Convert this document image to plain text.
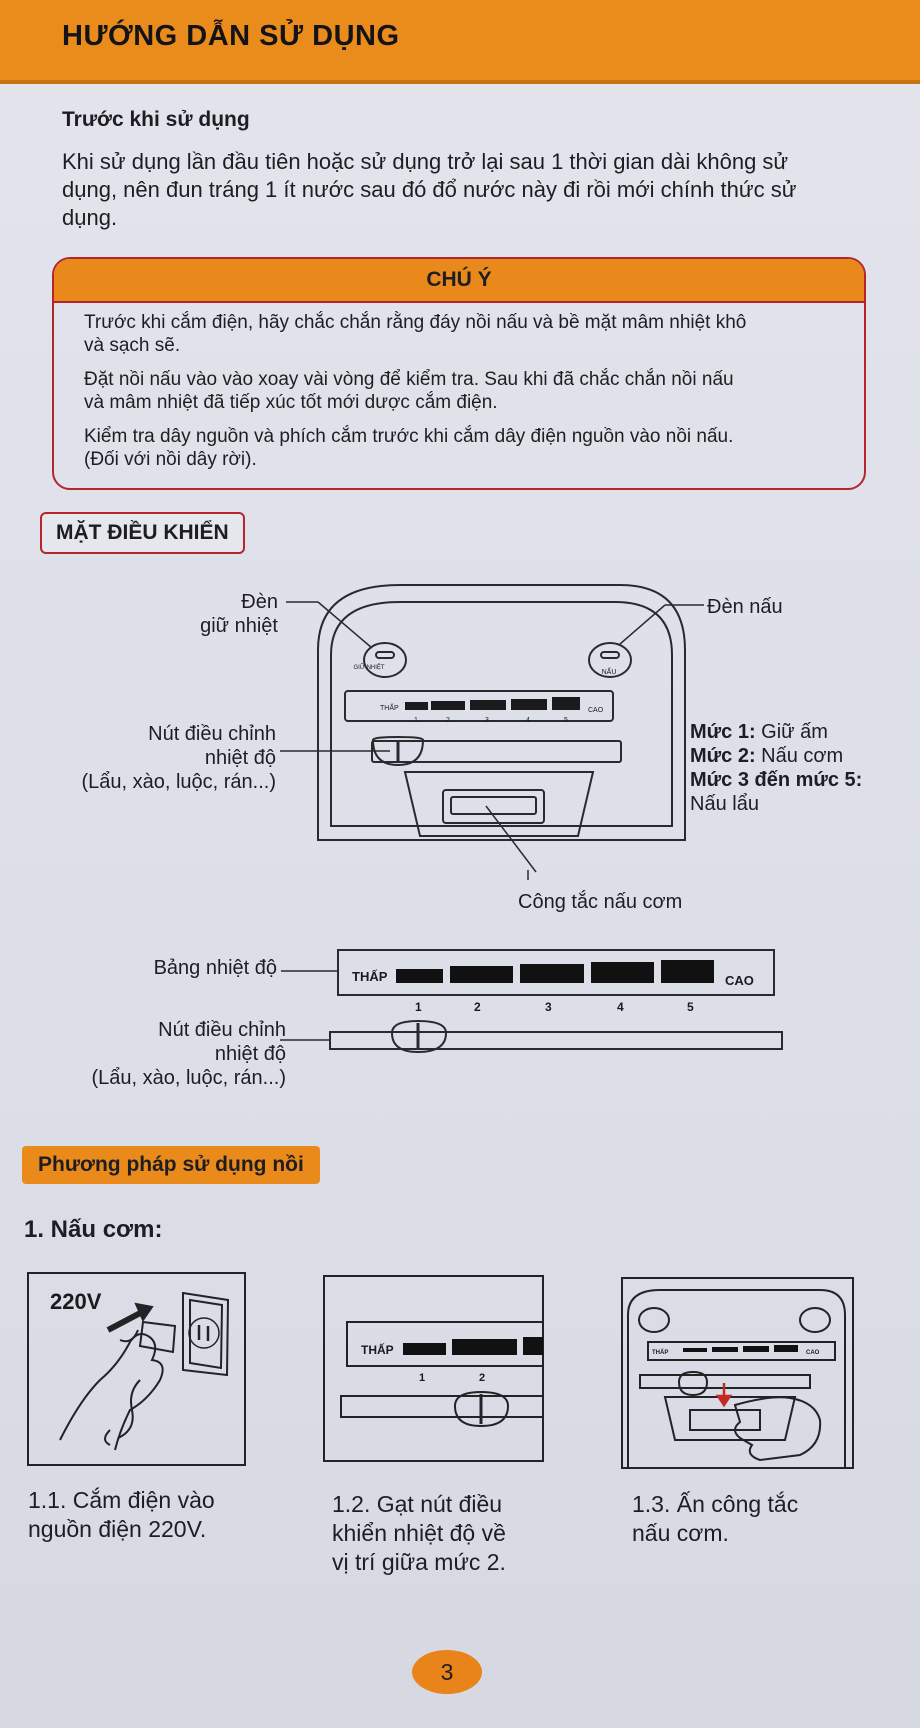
HƯỚNG DẪN SỬ DỤNG
Trước khi sử dụng
Khi sử dụng lần đầu tiên hoặc sử dụng trở lại sau 1 thời gian dài không sử
dụng, nên đun tráng 1 ít nước sau đó đổ nước này đi rồi mới chính thức sử
dụng.
CHÚ Ý

Trước khi cắm điện, hãy chắc chắn rằng đáy nồi nấu và bề mặt mâm nhiệt khô
và sạch sẽ.

Đặt nồi nấu vào vào xoay vài vòng để kiểm tra. Sau khi đã chắc chắn nồi nấu
và mâm nhiệt đã tiếp xúc tốt mới dược cắm điện.

Kiểm tra dây nguồn và phích cắm trước khi cắm dây điện nguồn vào nồi nấu.
(Đối với nồi dây rời).

MẶT ĐIỀU KHIỂN
GIỮ NHIỆT
NẤU
THẤP	CAO
1	2	3	4	5
THẤP	CAO
1	2	3	4	5
220V
THẤP
1	2
THẤP	CAO
Đèn
giữ nhiệt
Đèn nấu
Nút điều chỉnh
nhiệt độ
(Lẩu, xào, luộc, rán...)
Mức 1: Giữ ấm
Mức 2: Nấu cơm
Mức 3 đến mức 5:
Nấu lẩu
Công tắc nấu cơm
Bảng nhiệt độ
Nút điều chỉnh
nhiệt độ
(Lẩu, xào, luộc, rán...)
Phương pháp sử dụng nồi
1. Nấu cơm:
1.1. Cắm điện vào
nguồn điện 220V.
1.2. Gạt nút điều
khiển nhiệt độ về
vị trí giữa mức 2.
1.3. Ấn công tắc
nấu cơm.
3
